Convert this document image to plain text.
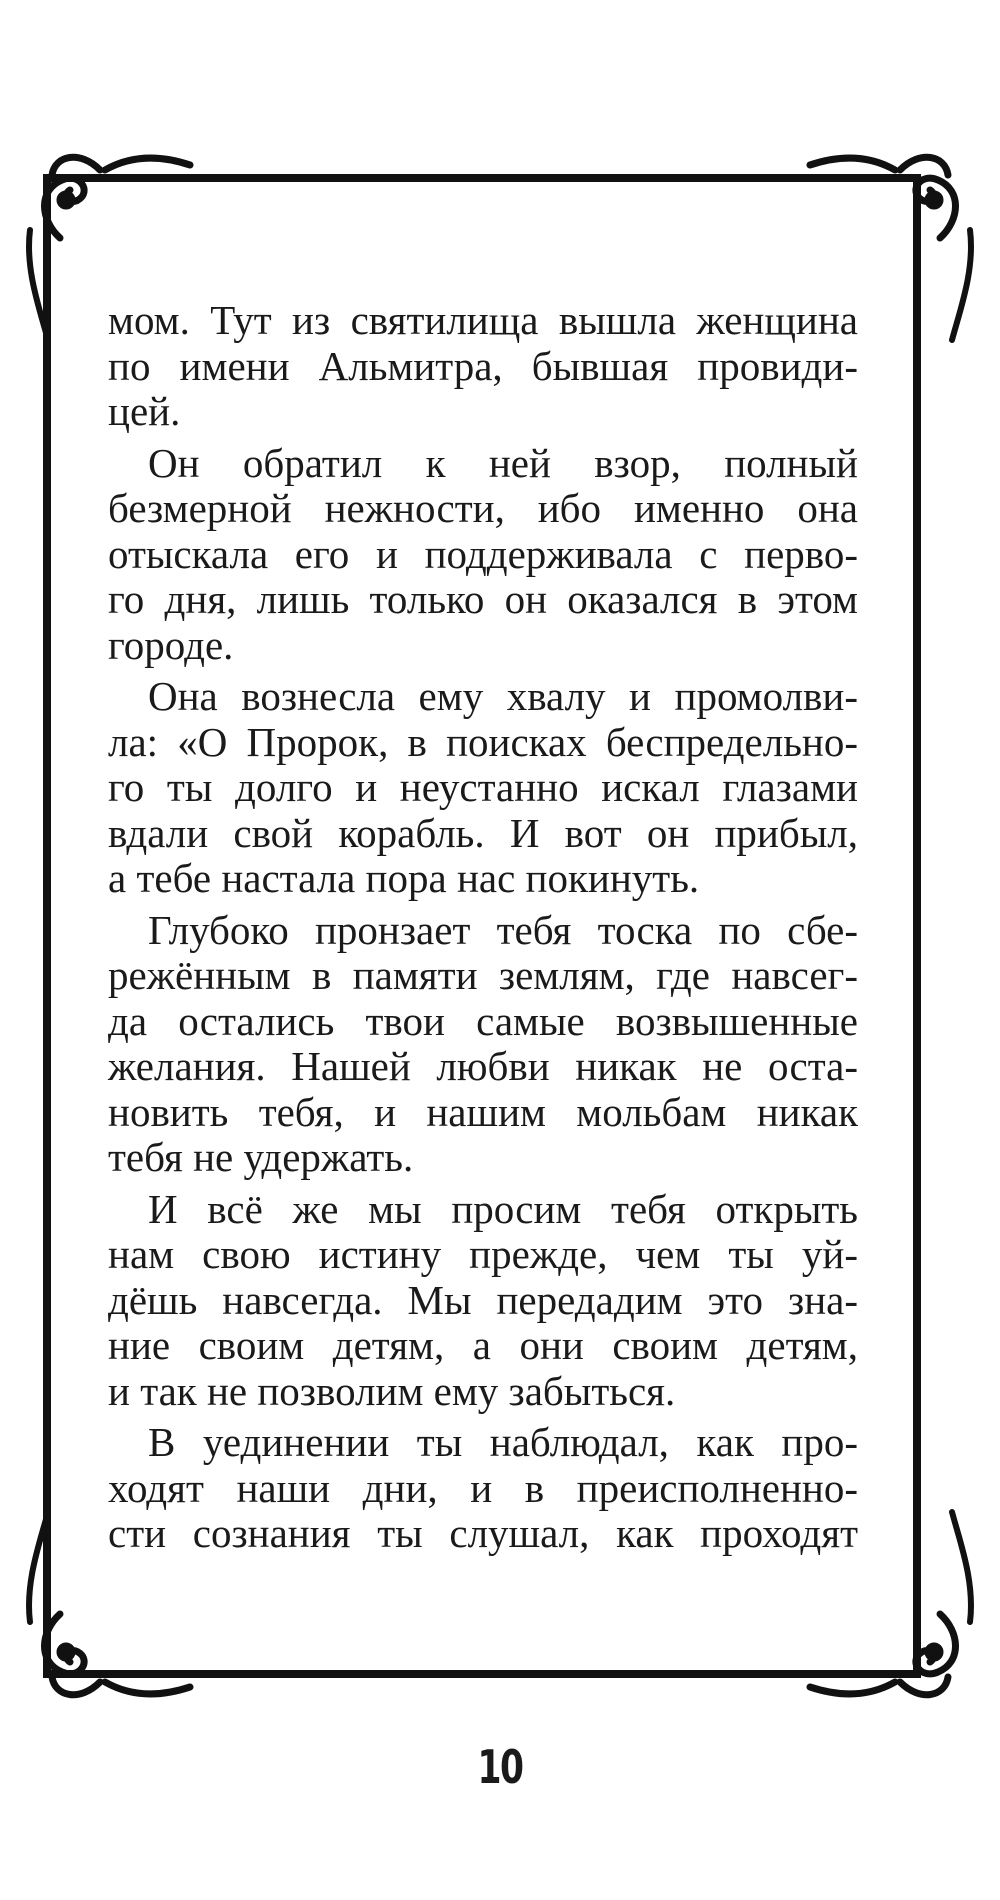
мом. Тут из святилища вышла женщина
по имени Альмитра, бывшая провиди-
цей.
Он обратил к ней взор, полный
безмерной нежности, ибо именно она
отыскала его и поддерживала с перво-
го дня, лишь только он оказался в этом
городе.
Она вознесла ему хвалу и промолви-
ла: «О Пророк, в поисках беспредельно-
го ты долго и неустанно искал глазами
вдали свой корабль. И вот он прибыл,
а тебе настала пора нас покинуть.
Глубоко пронзает тебя тоска по сбе-
режённым в памяти землям, где навсег-
да остались твои самые возвышенные
желания. Нашей любви никак не оста-
новить тебя, и нашим мольбам никак
тебя не удержать.
И всё же мы просим тебя открыть
нам свою истину прежде, чем ты уй-
дёшь навсегда. Мы передадим это зна-
ние своим детям, а они своим детям,
и так не позволим ему забыться.
В уединении ты наблюдал, как про-
ходят наши дни, и в преисполненно-
сти сознания ты слушал, как проходят
10
